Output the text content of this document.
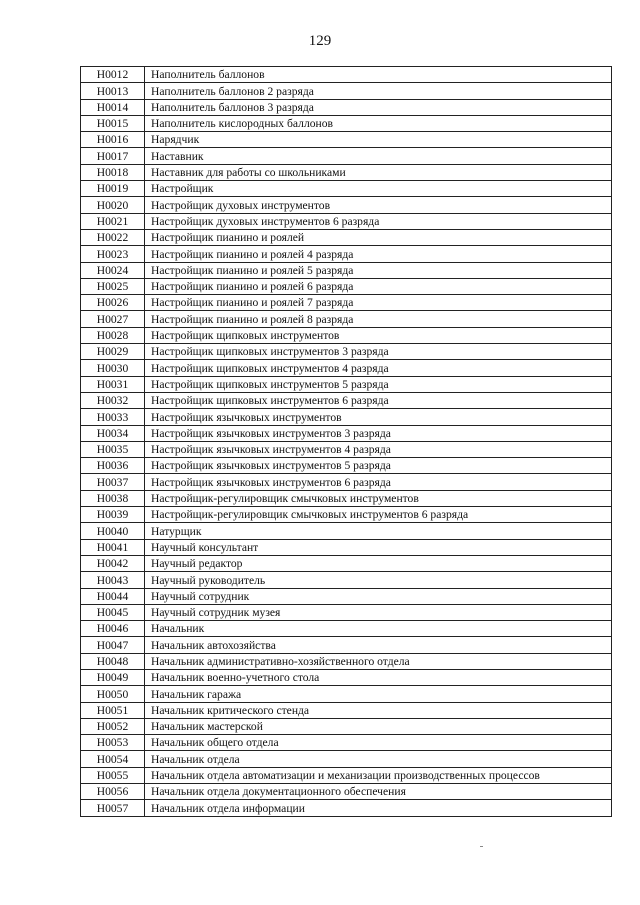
129
H0012	Наполнитель баллонов
H0013	Наполнитель баллонов 2 разряда
H0014	Наполнитель баллонов 3 разряда
H0015	Наполнитель кислородных баллонов
H0016	Нарядчик
H0017	Наставник
H0018	Наставник для работы со школьниками
H0019	Настройщик
H0020	Настройщик духовых инструментов
H0021	Настройщик духовых инструментов 6 разряда
H0022	Настройщик пианино и роялей
H0023	Настройщик пианино и роялей 4 разряда
H0024	Настройщик пианино и роялей 5 разряда
H0025	Настройщик пианино и роялей 6 разряда
H0026	Настройщик пианино и роялей 7 разряда
H0027	Настройщик пианино и роялей 8 разряда
H0028	Настройщик щипковых инструментов
H0029	Настройщик щипковых инструментов 3 разряда
H0030	Настройщик щипковых инструментов 4 разряда
H0031	Настройщик щипковых инструментов 5 разряда
H0032	Настройщик щипковых инструментов 6 разряда
H0033	Настройщик язычковых инструментов
H0034	Настройщик язычковых инструментов 3 разряда
H0035	Настройщик язычковых инструментов 4 разряда
H0036	Настройщик язычковых инструментов 5 разряда
H0037	Настройщик язычковых инструментов 6 разряда
H0038	Настройщик-регулировщик смычковых инструментов
H0039	Настройщик-регулировщик смычковых инструментов 6 разряда
H0040	Натурщик
H0041	Научный консультант
H0042	Научный редактор
H0043	Научный руководитель
H0044	Научный сотрудник
H0045	Научный сотрудник музея
H0046	Начальник
H0047	Начальник автохозяйства
H0048	Начальник административно-хозяйственного отдела
H0049	Начальник военно-учетного стола
H0050	Начальник гаража
H0051	Начальник критического стенда
H0052	Начальник мастерской
H0053	Начальник общего отдела
H0054	Начальник отдела
H0055	Начальник отдела автоматизации и механизации производственных процессов
H0056	Начальник отдела документационного обеспечения
H0057	Начальник отдела информации
